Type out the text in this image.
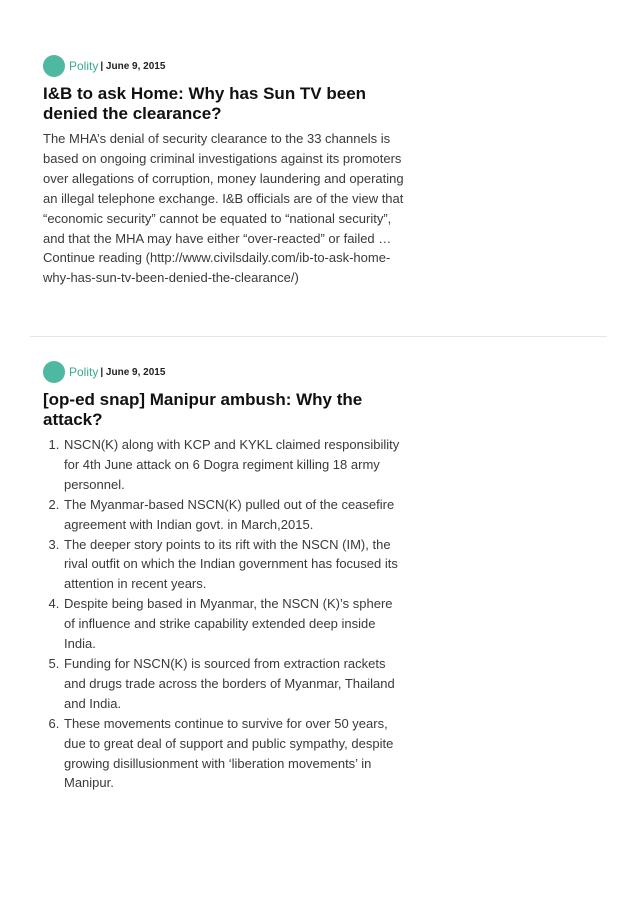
Polity | June 9, 2015
I&B to ask Home: Why has Sun TV been denied the clearance?

The MHA’s denial of security clearance to the 33 channels is based on ongoing criminal investigations against its promoters over allegations of corruption, money laundering and operating an illegal telephone exchange. I&B officials are of the view that “economic security” cannot be equated to “national security”, and that the MHA may have either “over-reacted” or failed … Continue reading (http://www.civilsdaily.com/ib-to-ask-home-why-has-sun-tv-been-denied-the-clearance/)

Polity | June 9, 2015
[op-ed snap] Manipur ambush: Why the attack?
1. NSCN(K) along with KCP and KYKL claimed responsibility for 4th June attack on 6 Dogra regiment killing 18 army personnel.
2. The Myanmar-based NSCN(K) pulled out of the ceasefire agreement with Indian govt. in March,2015.
3. The deeper story points to its rift with the NSCN (IM), the rival outfit on which the Indian government has focused its attention in recent years.
4. Despite being based in Myanmar, the NSCN (K)’s sphere of influence and strike capability extended deep inside India.
5. Funding for NSCN(K) is sourced from extraction rackets and drugs trade across the borders of Myanmar, Thailand and India.
6. These movements continue to survive for over 50 years, due to great deal of support and public sympathy, despite growing disillusionment with ‘liberation movements’ in Manipur.
